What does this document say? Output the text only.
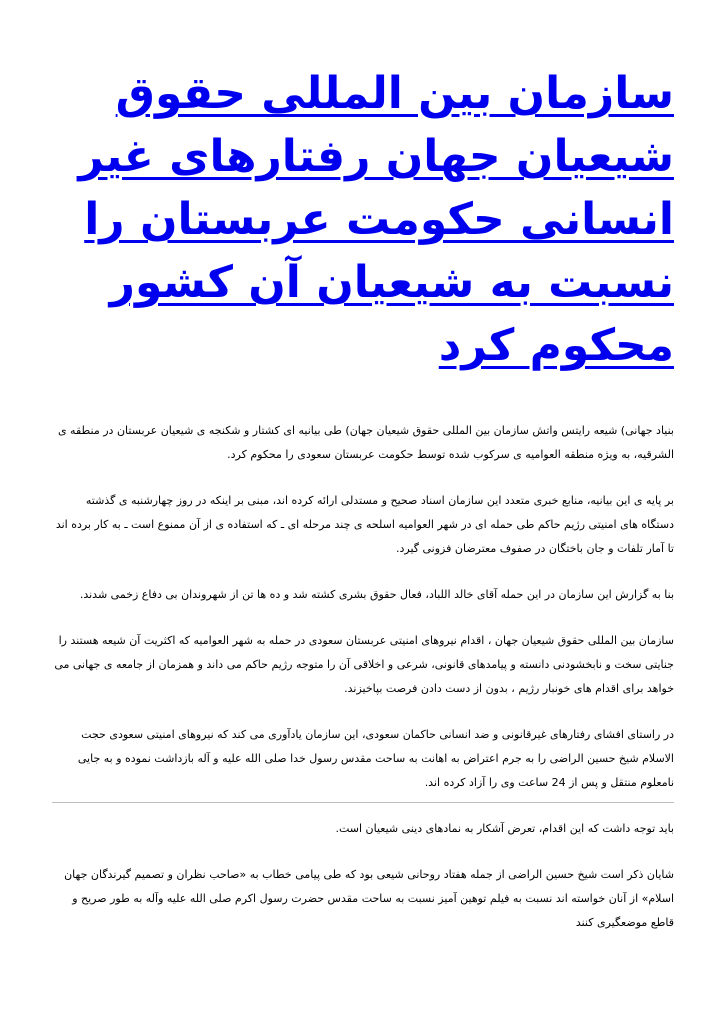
سازمان بین المللی حقوق شیعیان جهان رفتارهای غیر انسانی حکومت عربستان را نسبت به شیعیان آن کشور محکوم کرد

بنیاد جهانی) شیعه رایتس واتش سازمان بین المللی حقوق شیعیان جهان) طی بیانیه ای کشتار و شکنجه ی شیعیان عربستان در منطقه ی الشرقیه، به ویژه منطقه العوامیه ی سرکوب شده توسط حکومت عربستان سعودی را محکوم کرد.

بر پایه ی این بیانیه، منابع خبری متعدد این سازمان اسناد صحیح و مستدلی ارائه کرده اند، مبنی بر اینکه در روز چهارشنبه ی گذشته دستگاه های امنیتی رژیم حاکم طی حمله ای در شهر العوامیه اسلحه ی چند مرحله ای ـ که استفاده ی از آن ممنوع است ـ به کار برده اند تا آمار تلفات و جان باختگان در صفوف معترضان فزونی گیرد.

بنا به گزارش این سازمان در این حمله آقای خالد اللباد، فعال حقوق بشری کشته شد و ده ها تن از شهروندان بی دفاع زخمی شدند.

سازمان بین المللی حقوق شیعیان جهان ، اقدام نیروهای امنیتی عربستان سعودی در حمله به شهر العوامیه که اکثریت آن شیعه هستند را جنایتی سخت و نابخشودنی دانسته و پیامدهای قانونی، شرعی و اخلاقی آن را متوجه رژیم حاکم می داند و همزمان از جامعه ی جهانی می خواهد برای اقدام های خونبار رژیم ، بدون از دست دادن فرصت بپاخیزند.

در راستای افشای رفتارهای غیرقانونی و ضد انسانی حاکمان سعودی، این سازمان یادآوری می کند که نیروهای امنیتی سعودی حجت الاسلام شیخ حسین الراضی را به جرم اعتراض به اهانت به ساحت مقدس رسول خدا صلی الله علیه و آله بازداشت نموده و به جایی نامعلوم منتقل و پس از 24 ساعت وی را آزاد کرده اند.

باید توجه داشت که این اقدام، تعرض آشکار به نمادهای دینی شیعیان است.

شایان ذکر است شیخ حسین الراضی از جمله هفتاد روحانی شیعی بود که طی پیامی خطاب به «صاحب نظران و تصمیم گیرندگان جهان اسلام» از آنان خواسته اند نسبت به فیلم توهین آمیز نسبت به ساحت مقدس حضرت رسول اکرم صلی الله علیه وآله به طور صریح و قاطع موضعگیری کنند
